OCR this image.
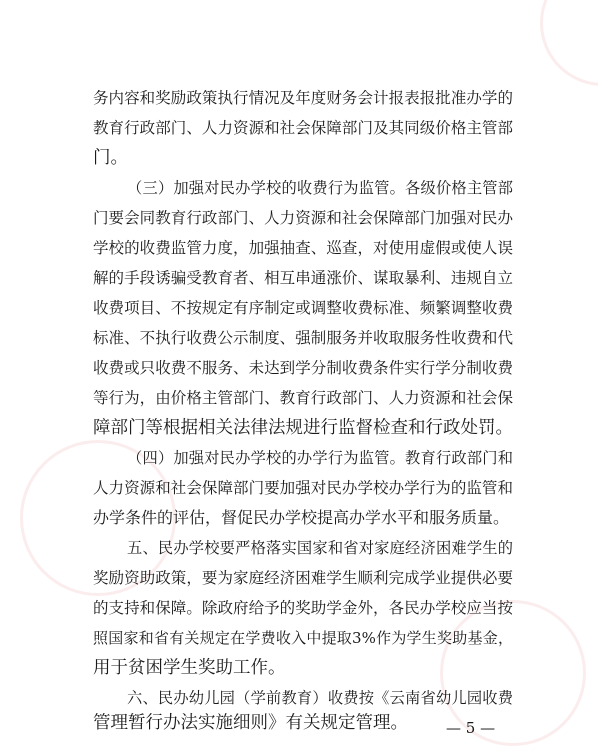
务内容和奖励政策执行情况及年度财务会计报表报批准办学的
教育行政部门、人力资源和社会保障部门及其同级价格主管部
门。
（三）加强对民办学校的收费行为监管。各级价格主管部
门要会同教育行政部门、人力资源和社会保障部门加强对民办
学校的收费监管力度，加强抽查、巡查，对使用虚假或使人误
解的手段诱骗受教育者、相互串通涨价、谋取暴利、违规自立
收费项目、不按规定有序制定或调整收费标准、频繁调整收费
标准、不执行收费公示制度、强制服务并收取服务性收费和代
收费或只收费不服务、未达到学分制收费条件实行学分制收费
等行为，由价格主管部门、教育行政部门、人力资源和社会保
障部门等根据相关法律法规进行监督检查和行政处罚。
（四）加强对民办学校的办学行为监管。教育行政部门和
人力资源和社会保障部门要加强对民办学校办学行为的监管和
办学条件的评估，督促民办学校提高办学水平和服务质量。
五、民办学校要严格落实国家和省对家庭经济困难学生的
奖励资助政策，要为家庭经济困难学生顺利完成学业提供必要
的支持和保障。除政府给予的奖助学金外，各民办学校应当按
照国家和省有关规定在学费收入中提取3%作为学生奖助基金，
用于贫困学生奖助工作。
六、民办幼儿园（学前教育）收费按《云南省幼儿园收费
管理暂行办法实施细则》有关规定管理。	— 5 —
